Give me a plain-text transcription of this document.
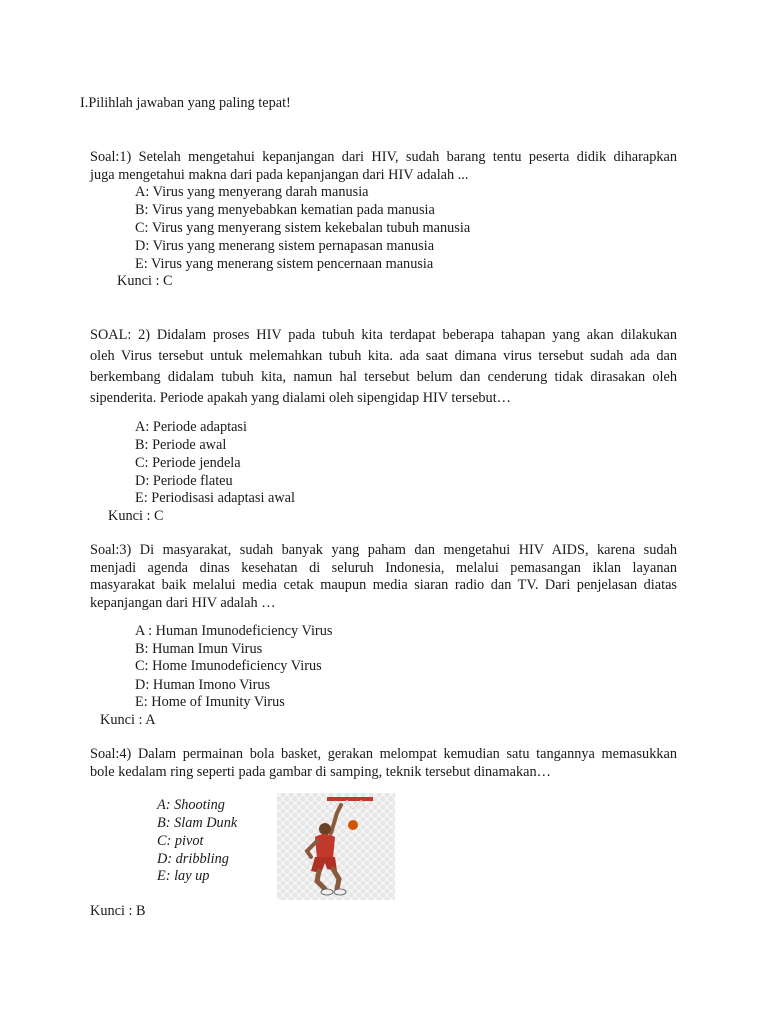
I.Pilihlah jawaban yang paling tepat!
Soal:1) Setelah mengetahui kepanjangan dari HIV, sudah barang tentu peserta didik diharapkan
juga mengetahui makna dari pada kepanjangan dari HIV adalah ...
A: Virus yang menyerang darah manusia
B: Virus yang menyebabkan kematian pada manusia
C: Virus yang menyerang sistem kekebalan tubuh manusia
D: Virus yang menerang sistem pernapasan manusia
E: Virus yang menerang sistem pencernaan manusia
Kunci : C
SOAL: 2) Didalam proses HIV pada tubuh kita terdapat beberapa tahapan yang akan dilakukan
oleh Virus tersebut untuk melemahkan tubuh kita. ada saat dimana virus tersebut sudah ada dan
berkembang didalam tubuh kita, namun hal tersebut belum dan cenderung tidak dirasakan oleh
sipenderita. Periode apakah yang dialami oleh sipengidap HIV tersebut…
A: Periode adaptasi
B: Periode awal
C: Periode jendela
D: Periode flateu
E: Periodisasi adaptasi awal
Kunci : C
Soal:3) Di masyarakat, sudah banyak yang paham dan mengetahui HIV AIDS, karena sudah
menjadi agenda dinas kesehatan di seluruh Indonesia, melalui pemasangan iklan layanan
masyarakat baik melalui media cetak maupun media siaran radio dan TV. Dari penjelasan diatas
kepanjangan dari HIV adalah …
A : Human Imunodeficiency Virus
B: Human Imun Virus
C: Home Imunodeficiency Virus
D: Human Imono Virus
E: Home of Imunity Virus
Kunci : A
Soal:4) Dalam permainan bola basket, gerakan melompat kemudian satu tangannya memasukkan
bole kedalam ring seperti pada gambar di samping, teknik tersebut dinamakan…
A: Shooting
B: Slam Dunk
C: pivot
D: dribbling
E: lay up
Kunci : B
